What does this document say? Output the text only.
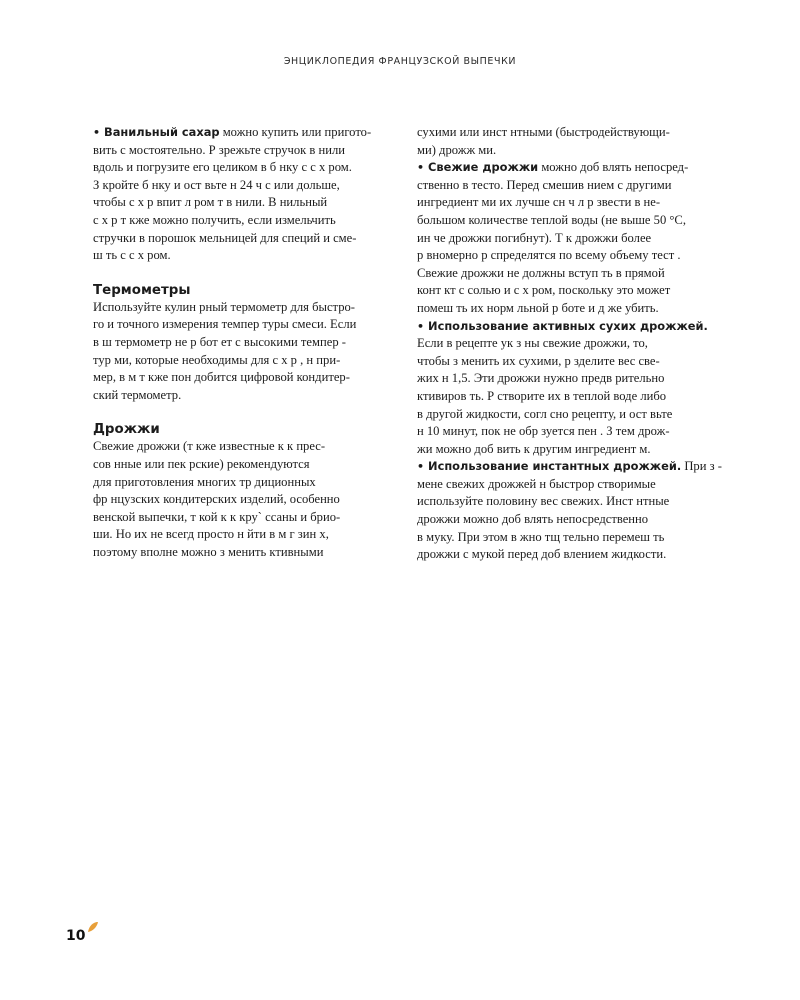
ЭНЦИКЛОПЕДИЯ ФРАНЦУЗСКОЙ ВЫПЕЧКИ

• Ванильный сахар можно купить или пригото-
вить с мостоятельно. Р зрежьте стручок в нили
вдоль и погрузите его целиком в б нку с с х ром.
З кройте б нку и ост вьте н 24 ч с или дольше,
чтобы с х р впит л ром т в нили. В нильный
с х р т кже можно получить, если измельчить
стручки в порошок мельницей для специй и сме-
ш ть с с х ром.

Термометры

Используйте кулин рный термометр для быстро-
го и точного измерения темпер туры смеси. Если
в ш термометр не р бот ет с высокими темпер -
тур ми, которые необходимы для с х р , н при-
мер, в м т кже пон добится цифровой кондитер-
ский термометр.

Дрожжи

Свежие дрожжи (т кже известные к к прес-
сов нные или пек рские) рекомендуются
для приготовления многих тр диционных
фр нцузских кондитерских изделий, особенно
венской выпечки, т кой к к кру` ссаны и брио-
ши. Но их не всегд просто н йти в м г зин х,
поэтому вполне можно з менить ктивными

сухими или инст нтными (быстродействующи-
ми) дрожж ми.

• Свежие дрожжи можно доб влять непосред-
ственно в тесто. Перед смешив нием с другими
ингредиент ми их лучше сн ч л р звести в не-
большом количестве теплой воды (не выше 50 °C,
ин че дрожжи погибнут). Т к дрожжи более
р вномерно р спределятся по всему объему тест .
Свежие дрожжи не должны вступ ть в прямой
конт кт с солью и с х ром, поскольку это может
помеш ть их норм льной р боте и д же убить.

• Использование активных сухих дрожжей.
Если в рецепте ук з ны свежие дрожжи, то,
чтобы з менить их сухими, р зделите вес све-
жих н 1,5. Эти дрожжи нужно предв рительно
ктивиров ть. Р створите их в теплой воде либо
в другой жидкости, согл сно рецепту, и ост вьте
н 10 минут, пок не обр зуется пен . З тем дрож-
жи можно доб вить к другим ингредиент м.

• Использование инстантных дрожжей. При з -
мене свежих дрожжей н быстрор створимые
используйте половину вес свежих. Инст нтные
дрожжи можно доб влять непосредственно
в муку. При этом в жно тщ тельно перемеш ть
дрожжи с мукой перед доб влением жидкости.

10
